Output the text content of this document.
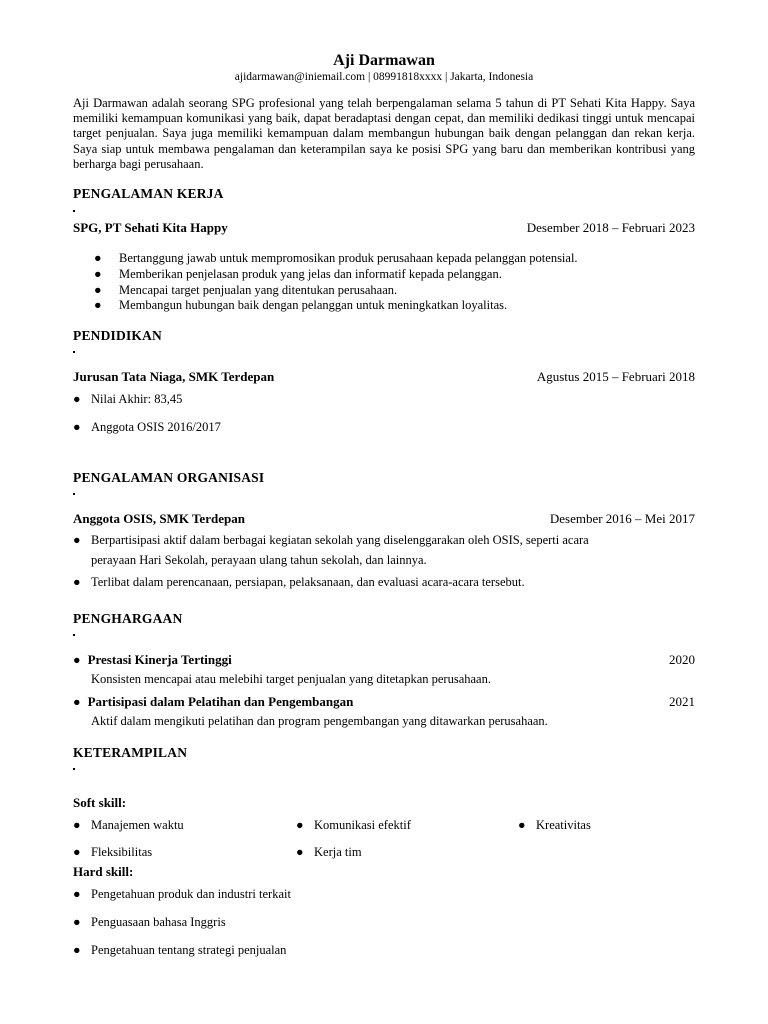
Aji Darmawan
ajidarmawan@iniemail.com | 08991818xxxx | Jakarta, Indonesia
Aji Darmawan adalah seorang SPG profesional yang telah berpengalaman selama 5 tahun di PT Sehati Kita Happy. Saya memiliki kemampuan komunikasi yang baik, dapat beradaptasi dengan cepat, dan memiliki dedikasi tinggi untuk mencapai target penjualan. Saya juga memiliki kemampuan dalam membangun hubungan baik dengan pelanggan dan rekan kerja. Saya siap untuk membawa pengalaman dan keterampilan saya ke posisi SPG yang baru dan memberikan kontribusi yang berharga bagi perusahaan.
PENGALAMAN KERJA
SPG, PT Sehati Kita Happy	Desember 2018 – Februari 2023
● Bertanggung jawab untuk mempromosikan produk perusahaan kepada pelanggan potensial.
● Memberikan penjelasan produk yang jelas dan informatif kepada pelanggan.
● Mencapai target penjualan yang ditentukan perusahaan.
● Membangun hubungan baik dengan pelanggan untuk meningkatkan loyalitas.
PENDIDIKAN
Jurusan Tata Niaga, SMK Terdepan	Agustus 2015 – Februari 2018
● Nilai Akhir: 83,45
● Anggota OSIS 2016/2017
PENGALAMAN ORGANISASI
Anggota OSIS, SMK Terdepan	Desember 2016 – Mei 2017
● Berpartisipasi aktif dalam berbagai kegiatan sekolah yang diselenggarakan oleh OSIS, seperti acara
perayaan Hari Sekolah, perayaan ulang tahun sekolah, dan lainnya.
● Terlibat dalam perencanaan, persiapan, pelaksanaan, dan evaluasi acara-acara tersebut.
PENGHARGAAN
● Prestasi Kinerja Tertinggi	2020
Konsisten mencapai atau melebihi target penjualan yang ditetapkan perusahaan.
● Partisipasi dalam Pelatihan dan Pengembangan	2021
Aktif dalam mengikuti pelatihan dan program pengembangan yang ditawarkan perusahaan.
KETERAMPILAN
Soft skill:
● Manajemen waktu	● Komunikasi efektif	● Kreativitas
● Fleksibilitas	● Kerja tim
Hard skill:
● Pengetahuan produk dan industri terkait
● Penguasaan bahasa Inggris
● Pengetahuan tentang strategi penjualan
